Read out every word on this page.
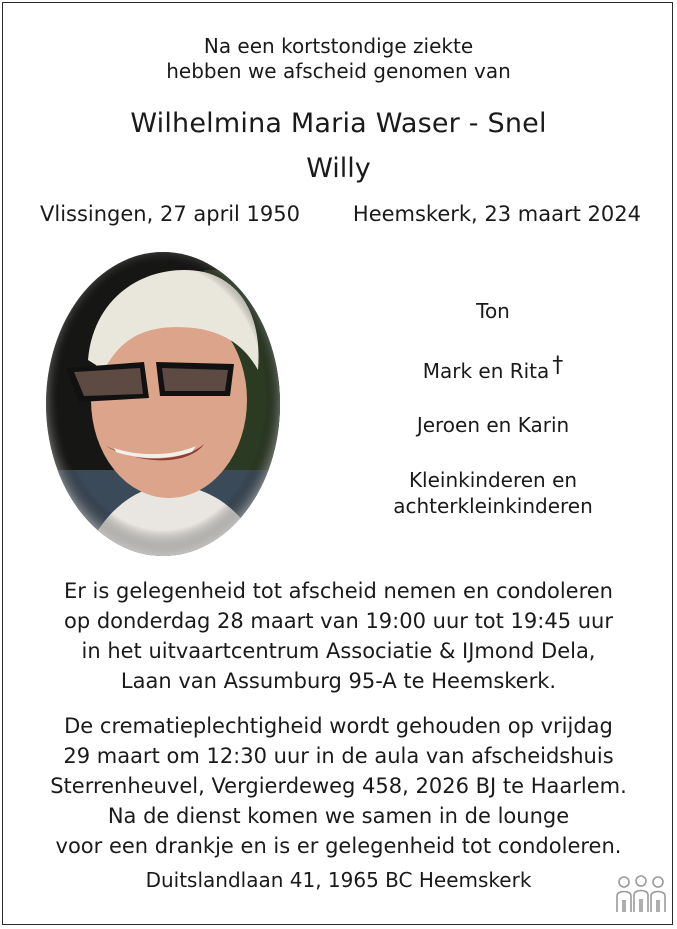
Na een kortstondige ziekte
hebben we afscheid genomen van
Wilhelmina Maria Waser - Snel
Willy
Vlissingen, 27 april 1950	Heemskerk, 23 maart 2024
Ton
Mark en Rita †
Jeroen en Karin
Kleinkinderen en
achterkleinkinderen
Er is gelegenheid tot afscheid nemen en condoleren
op donderdag 28 maart van 19:00 uur tot 19:45 uur
in het uitvaartcentrum Associatie & IJmond Dela,
Laan van Assumburg 95-A te Heemskerk.
De crematieplechtigheid wordt gehouden op vrijdag
29 maart om 12:30 uur in de aula van afscheidshuis
Sterrenheuvel, Vergierdeweg 458, 2026 BJ te Haarlem.
Na de dienst komen we samen in de lounge
voor een drankje en is er gelegenheid tot condoleren.
Duitslandlaan 41, 1965 BC Heemskerk
